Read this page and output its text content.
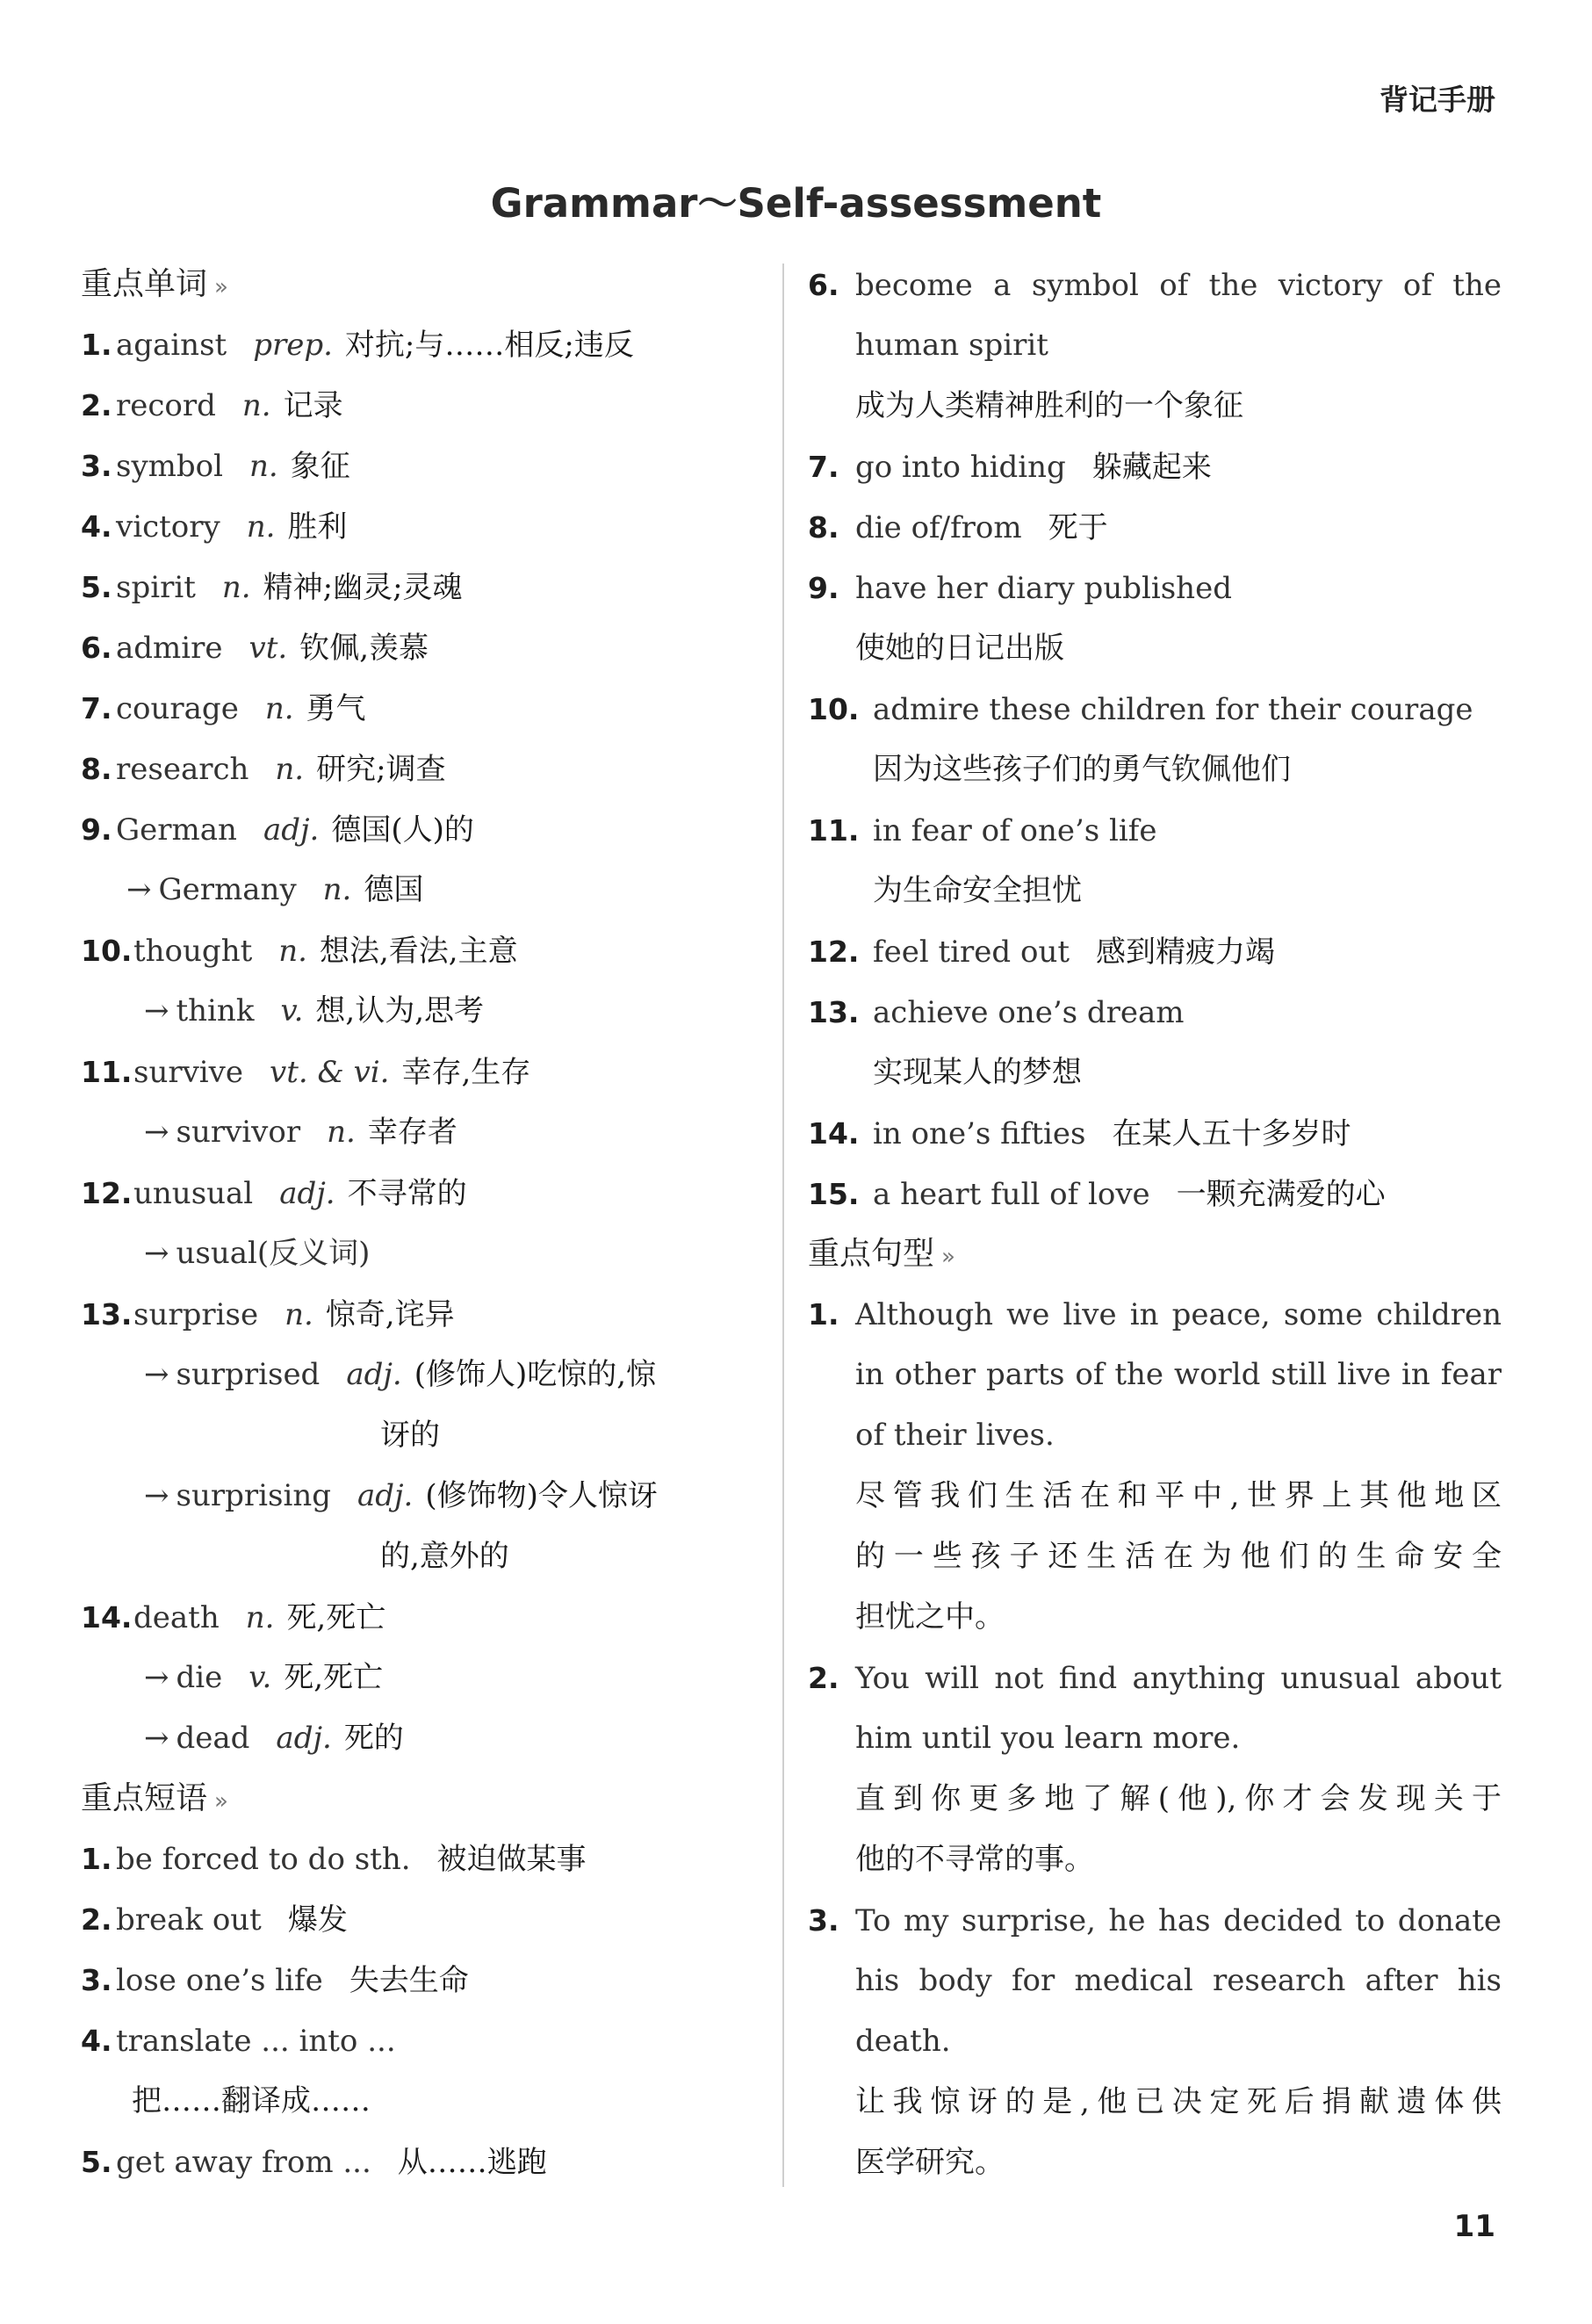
背记手册
Grammar～Self-assessment
重点单词 »
1. against prep. 对抗;与……相反;违反
2. record n. 记录
3. symbol n. 象征
4. victory n. 胜利
5. spirit n. 精神;幽灵;灵魂
6. admire vt. 钦佩,羡慕
7. courage n. 勇气
8. research n. 研究;调查
9. German adj. 德国(人)的
→ Germany n. 德国
10.thought n. 想法,看法,主意
→ think v. 想,认为,思考
11.survive vt. & vi. 幸存,生存
→ survivor n. 幸存者
12.unusual adj. 不寻常的
→ usual(反义词)
13.surprise n. 惊奇,诧异
→ surprised adj. (修饰人)吃惊的,惊
讶的
→ surprising adj. (修饰物)令人惊讶
的,意外的
14.death n. 死,死亡
→ die v. 死,死亡
→ dead adj. 死的
重点短语 »
1. be forced to do sth. 被迫做某事
2. break out 爆发
3. lose one’s life 失去生命
4. translate ... into ...
把……翻译成……
5. get away from ... 从……逃跑
6. become a symbol of the victory of the
human spirit
成为人类精神胜利的一个象征
7. go into hiding 躲藏起来
8. die of/from 死于
9. have her diary published
使她的日记出版
10. admire these children for their courage
因为这些孩子们的勇气钦佩他们
11. in fear of one’s life
为生命安全担忧
12. feel tired out 感到精疲力竭
13. achieve one’s dream
实现某人的梦想
14. in one’s fifties 在某人五十多岁时
15. a heart full of love 一颗充满爱的心
重点句型 »
1. Although we live in peace, some children
in other parts of the world still live in fear
of their lives.
尽管我们生活在和平中,世界上其他地区
的一些孩子还生活在为他们的生命安全
担忧之中。
2. You will not find anything unusual about
him until you learn more.
直到你更多地了解(他),你才会发现关于
他的不寻常的事。
3. To my surprise, he has decided to donate
his body for medical research after his
death.
让我惊讶的是,他已决定死后捐献遗体供
医学研究。
11
